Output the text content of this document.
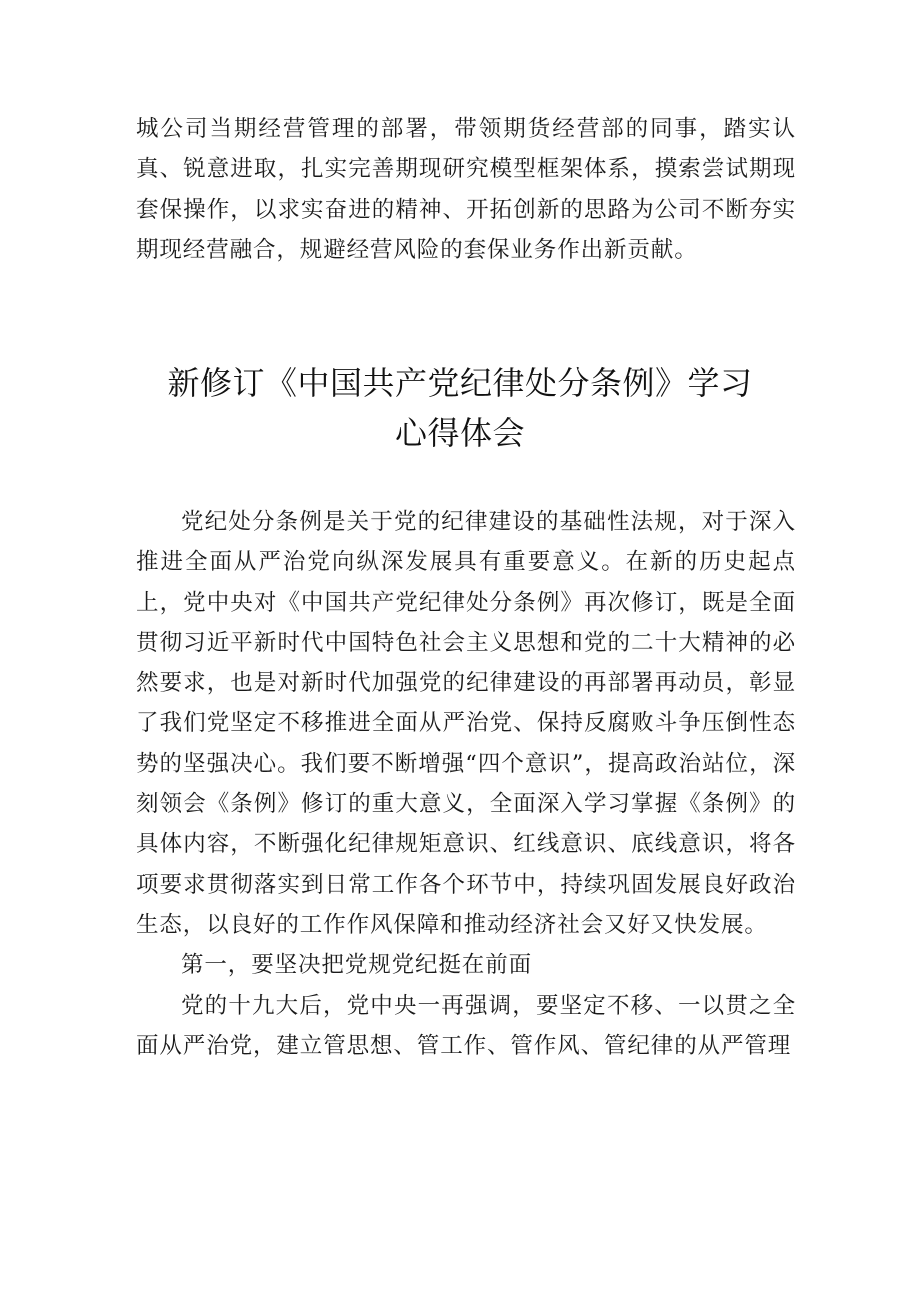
城公司当期经营管理的部署，带领期货经营部的同事，踏实认真、锐意进取，扎实完善期现研究模型框架体系，摸索尝试期现套保操作，以求实奋进的精神、开拓创新的思路为公司不断夯实期现经营融合，规避经营风险的套保业务作出新贡献。

新修订《中国共产党纪律处分条例》学习
心得体会

党纪处分条例是关于党的纪律建设的基础性法规，对于深入推进全面从严治党向纵深发展具有重要意义。在新的历史起点上，党中央对《中国共产党纪律处分条例》再次修订，既是全面贯彻习近平新时代中国特色社会主义思想和党的二十大精神的必然要求，也是对新时代加强党的纪律建设的再部署再动员，彰显了我们党坚定不移推进全面从严治党、保持反腐败斗争压倒性态势的坚强决心。我们要不断增强“四个意识”，提高政治站位，深刻领会《条例》修订的重大意义，全面深入学习掌握《条例》的具体内容，不断强化纪律规矩意识、红线意识、底线意识，将各项要求贯彻落实到日常工作各个环节中，持续巩固发展良好政治生态，以良好的工作作风保障和推动经济社会又好又快发展。

第一，要坚决把党规党纪挺在前面

党的十九大后，党中央一再强调，要坚定不移、一以贯之全面从严治党，建立管思想、管工作、管作风、管纪律的从严管理
